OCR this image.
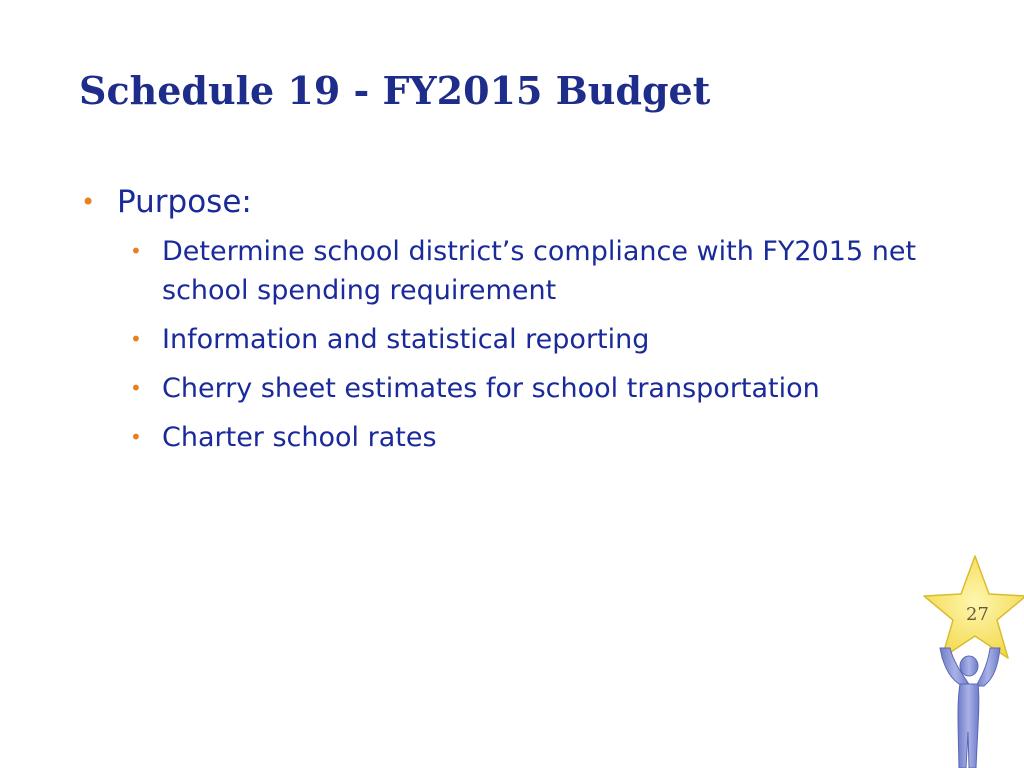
Schedule 19 - FY2015 Budget
• Purpose:
• Determine school district’s compliance with FY2015 net school spending requirement
• Information and statistical reporting
• Cherry sheet estimates for school transportation
• Charter school rates
27
